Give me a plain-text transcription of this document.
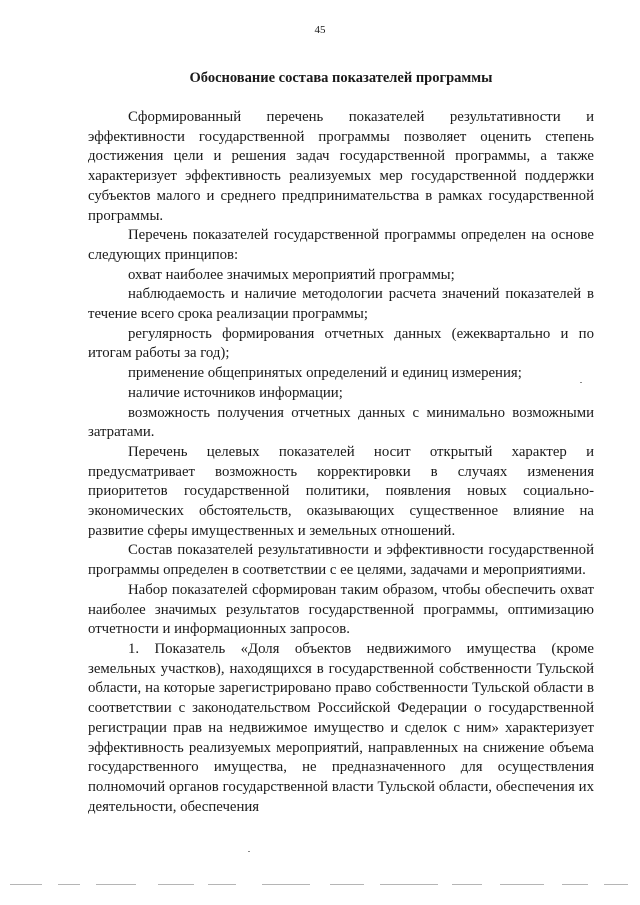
45
Обоснование состава показателей программы

Сформированный перечень показателей результативности и эффективности государственной программы позволяет оценить степень достижения цели и решения задач государственной программы, а также характеризует эффективность реализуемых мер государственной поддержки субъектов малого и среднего предпринимательства в рамках государственной программы.

Перечень показателей государственной программы определен на основе следующих принципов:

охват наиболее значимых мероприятий программы;

наблюдаемость и наличие методологии расчета значений показателей в течение всего срока реализации программы;

регулярность формирования отчетных данных (ежеквартально и по итогам работы за год);

применение общепринятых определений и единиц измерения;

наличие источников информации;

возможность получения отчетных данных с минимально возможными затратами.

Перечень целевых показателей носит открытый характер и предусматривает возможность корректировки в случаях изменения приоритетов государственной политики, появления новых социально-экономических обстоятельств, оказывающих существенное влияние на развитие сферы имущественных и земельных отношений.

Состав показателей результативности и эффективности государственной программы определен в соответствии с ее целями, задачами и мероприятиями.

Набор показателей сформирован таким образом, чтобы обеспечить охват наиболее значимых результатов государственной программы, оптимизацию отчетности и информационных запросов.

1. Показатель «Доля объектов недвижимого имущества (кроме земельных участков), находящихся в государственной собственности Тульской области, на которые зарегистрировано право собственности Тульской области в соответствии с законодательством Российской Федерации о государственной регистрации прав на недвижимое имущество и сделок с ним» характеризует эффективность реализуемых мероприятий, направленных на снижение объема государственного имущества, не предназначенного для осуществления полномочий органов государственной власти Тульской области, обеспечения их деятельности, обеспечения
